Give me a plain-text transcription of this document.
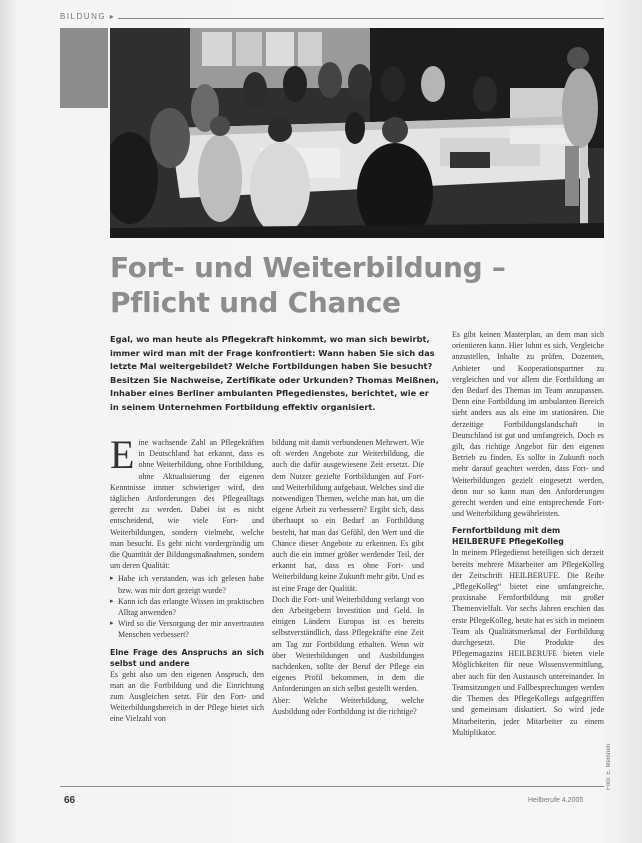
BILDUNG ▸
Fort- und Weiterbildung –
Pflicht und Chance

Egal, wo man heute als Pflegekraft hinkommt, wo man sich bewirbt, immer wird man mit der Frage konfrontiert: Wann haben Sie sich das letzte Mal weitergebildet? Welche Fortbildungen haben Sie besucht? Besitzen Sie Nachweise, Zertifikate oder Urkunden? Thomas Meißnen, Inhaber eines Berliner ambulanten Pflegedienstes, berichtet, wie er in seinem Unternehmen Fortbildung effektiv organisiert.

Eine wachsende Zahl an Pflegekräften in Deutschland hat erkannt, dass es ohne Weiterbildung, ohne Fortbildung, ohne Aktualisierung der eigenen Kenntnisse immer schwieriger wird, den täglichen Anforderungen des Pflegealltags gerecht zu werden. Dabei ist es nicht entscheidend, wie viele Fort- und Weiterbildungen, sondern vielmehr, welche man besucht. Es geht nicht vordergründig um die Quantität der Bildungsmaßnahmen, sondern um deren Qualität:

▸ Habe ich verstanden, was ich gelesen habe bzw. was mir dort gezeigt wurde?
▸ Kann ich das erlangte Wissen im praktischen Alltag anwenden?
▸ Wird so die Versorgung der mir anvertrauten Menschen verbessert?

Eine Frage des Anspruchs an sich selbst und andere

Es geht also um den eigenen Anspruch, den man an die Fortbildung und die Einrichtung zum Ausgleichen setzt. Für den Fort- und Weiterbildungsbereich in der Pflege bietet sich eine Vielzahl von

bildung mit damit verbundenen Mehrwert. Wie oft werden Angebote zur Weiterbildung, die auch die dafür ausgewiesene Zeit ersetzt. Die dem Nutzer gezielte Fortbildungen auf Fort- und Weiterbildung aufgebaut. Welches sind die notwendigen Themen, welche man hat, um die eigene Arbeit zu verbessern? Ergibt sich, dass überhaupt so ein Bedarf an Fortbildung besteht, hat man das Gefühl, den Wert und die Chance dieser Angebote zu erkennen. Es gibt auch die ein immer größer werdender Teil, der erkannt hat, dass es ohne Fort- und Weiterbildung keine Zukunft mehr gibt. Und es ist eine Frage der Qualität.

Doch die Fort- und Weiterbildung verlangt von den Arbeitgebern Investition und Geld. In einigen Ländern Europas ist es bereits selbstverständlich, dass Pflegekräfte eine Zeit am Tag zur Fortbildung erhalten. Wenn wir über Weiterbildungen und Ausbildungen nachdenken, sollte der Beruf der Pflege ein eigenes Profil bekommen, in dem die Anforderungen an sich selbst gestellt werden.

Aber: Welche Weiterbildung, welche Ausbildung oder Fortbildung ist die richtige?

Es gibt keinen Masterplan, an dem man sich orientieren kann. Hier lohnt es sich, Vergleiche anzustellen, Inhalte zu prüfen, Dozenten, Anbieter und Kooperationspartner zu vergleichen und vor allem die Fortbildung an den Bedarf des Themas im Team anzupassen. Denn eine Fortbildung im ambulanten Bereich sieht anders aus als eine im stationären. Die derzeitige Fortbildungslandschaft in Deutschland ist gut und umfangreich. Doch es gilt, das richtige Angebot für den eigenen Betrieb zu finden. Es sollte in Zukunft noch mehr darauf geachtet werden, dass Fort- und Weiterbildungen gezielt eingesetzt werden, denn nur so kann man den Anforderungen gerecht werden und eine entsprechende Fort- und Weiterbildung gewährleisten.

Fernfortbildung mit dem
HEILBERUFE PflegeKolleg

In meinem Pflegedienst beteiligen sich derzeit bereits mehrere Mitarbeiter am PflegeKolleg der Zeitschrift HEILBERUFE. Die Reihe „PflegeKolleg“ bietet eine umfangreiche, praxisnahe Fernfortbildung mit großer Themenvielfalt. Vor sechs Jahren erschien das erste PflegeKolleg, heute hat es sich in meinem Team als Qualitätsmerkmal der Fortbildung durchgesetzt. Die Produkte des Pflegemagazins HEILBERUFE bieten viele Möglichkeiten für neue Wissensvermittlung, aber auch für den Austausch untereinander. In Teamsitzungen und Fallbesprechungen werden die Themen des PflegeKollegs aufgegriffen und gemeinsam diskutiert. So wird jede Mitarbeiterin, jeder Mitarbeiter zu einem Multiplikator.

Foto: E. Meißnen
66	Heilberufe 4.2005
